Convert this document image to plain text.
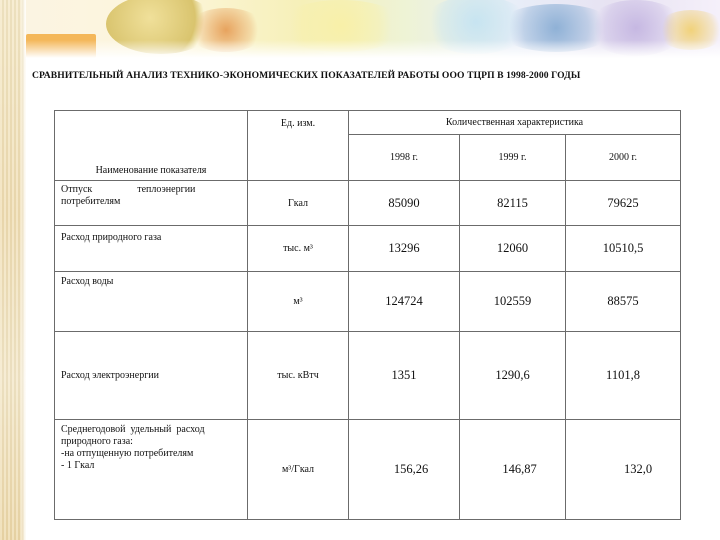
СРАВНИТЕЛЬНЫЙ АНАЛИЗ ТЕХНИКО-ЭКОНОМИЧЕСКИХ ПОКАЗАТЕЛЕЙ РАБОТЫ ООО ТЦРП В 1998-2000 ГОДЫ
Наименование показателя	Ед. изм.	Количественная характеристика		
		1998 г.	1999 г.	2000 г.

Отпуск                  теплоэнергии
потребителям	Гкал	85090	82115	79625

Расход природного газа	тыс. м³	13296	12060	10510,5

Расход воды	м³	124724	102559	88575

Расход электроэнергии	тыс. кВтч	1351	1290,6	1101,8

Среднегодовой  удельный  расход
природного газа:
-на отпущенную потребителям
- 1 Гкал	м³/Гкал	156,26	146,87	132,0
